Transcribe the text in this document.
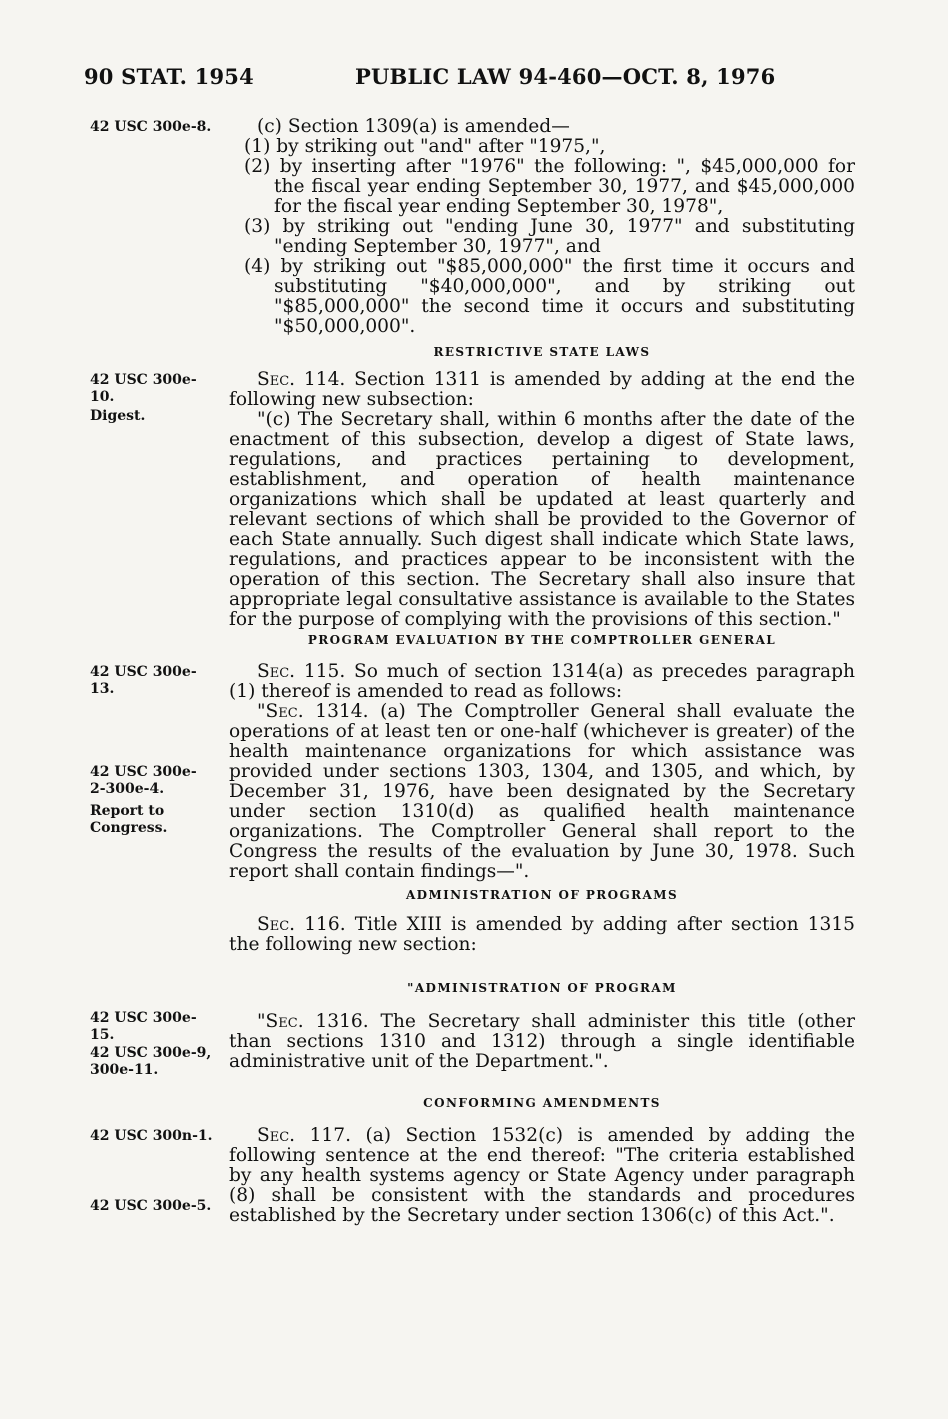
90 STAT. 1954	PUBLIC LAW 94-460—OCT. 8, 1976
42 USC 300e-8.
42 USC 300e-
10.
Digest.
42 USC 300e-
13.
42 USC 300e-
2-300e-4.
Report to
Congress.
42 USC 300e-
15.
42 USC 300e-9,
300e-11.
42 USC 300n-1.
42 USC 300e-5.

(c) Section 1309(a) is amended—

(1) by striking out "and" after "1975,",

(2) by inserting after "1976" the following: ", $45,000,000 for the fiscal year ending September 30, 1977, and $45,000,000 for the fiscal year ending September 30, 1978",

(3) by striking out "ending June 30, 1977" and substituting "ending September 30, 1977", and

(4) by striking out "$85,000,000" the first time it occurs and substituting "$40,000,000", and by striking out "$85,000,000" the second time it occurs and substituting "$50,000,000".

RESTRICTIVE STATE LAWS

Sec. 114. Section 1311 is amended by adding at the end the following new subsection:

"(c) The Secretary shall, within 6 months after the date of the enactment of this subsection, develop a digest of State laws, regulations, and practices pertaining to development, establishment, and operation of health maintenance organizations which shall be updated at least quarterly and relevant sections of which shall be provided to the Governor of each State annually. Such digest shall indicate which State laws, regulations, and practices appear to be inconsistent with the operation of this section. The Secretary shall also insure that appropriate legal consultative assistance is available to the States for the purpose of complying with the provisions of this section."

PROGRAM EVALUATION BY THE COMPTROLLER GENERAL

Sec. 115. So much of section 1314(a) as precedes paragraph (1) thereof is amended to read as follows:

"Sec. 1314. (a) The Comptroller General shall evaluate the operations of at least ten or one-half (whichever is greater) of the health maintenance organizations for which assistance was provided under sections 1303, 1304, and 1305, and which, by December 31, 1976, have been designated by the Secretary under section 1310(d) as qualified health maintenance organizations. The Comptroller General shall report to the Congress the results of the evaluation by June 30, 1978. Such report shall contain findings—".

ADMINISTRATION OF PROGRAMS

Sec. 116. Title XIII is amended by adding after section 1315 the following new section:

"ADMINISTRATION OF PROGRAM

"Sec. 1316. The Secretary shall administer this title (other than sections 1310 and 1312) through a single identifiable administrative unit of the Department.".

CONFORMING AMENDMENTS

Sec. 117. (a) Section 1532(c) is amended by adding the following sentence at the end thereof: "The criteria established by any health systems agency or State Agency under paragraph (8) shall be consistent with the standards and procedures established by the Secretary under section 1306(c) of this Act.".
